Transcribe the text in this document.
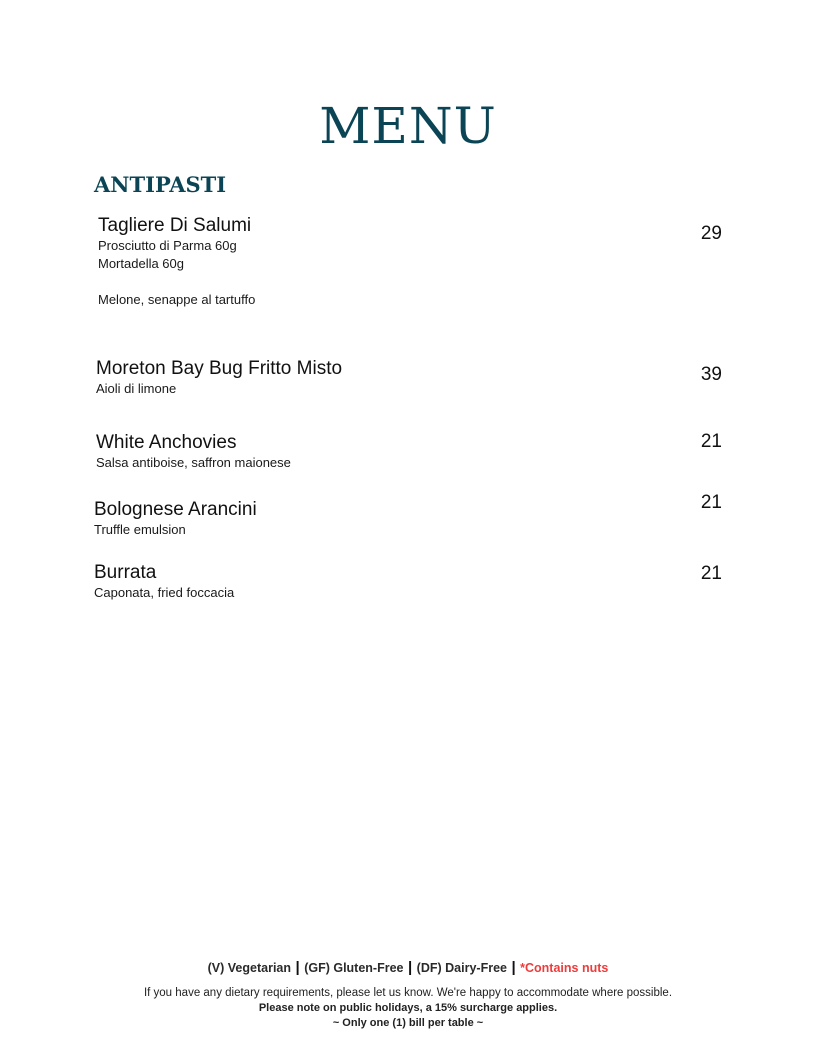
MENU
ANTIPASTI
Tagliere Di Salumi
Prosciutto di Parma 60g
Mortadella 60g
Melone, senappe al tartuffo
29
Moreton Bay Bug Fritto Misto
Aioli di limone
39
White Anchovies
Salsa antiboise, saffron maionese
21
Bolognese Arancini
Truffle emulsion
21
Burrata
Caponata, fried foccacia
21
(V) Vegetarian | (GF) Gluten-Free | (DF) Dairy-Free | *Contains nuts
If you have any dietary requirements, please let us know. We're happy to accommodate where possible.
Please note on public holidays, a 15% surcharge applies.
~ Only one (1) bill per table ~
